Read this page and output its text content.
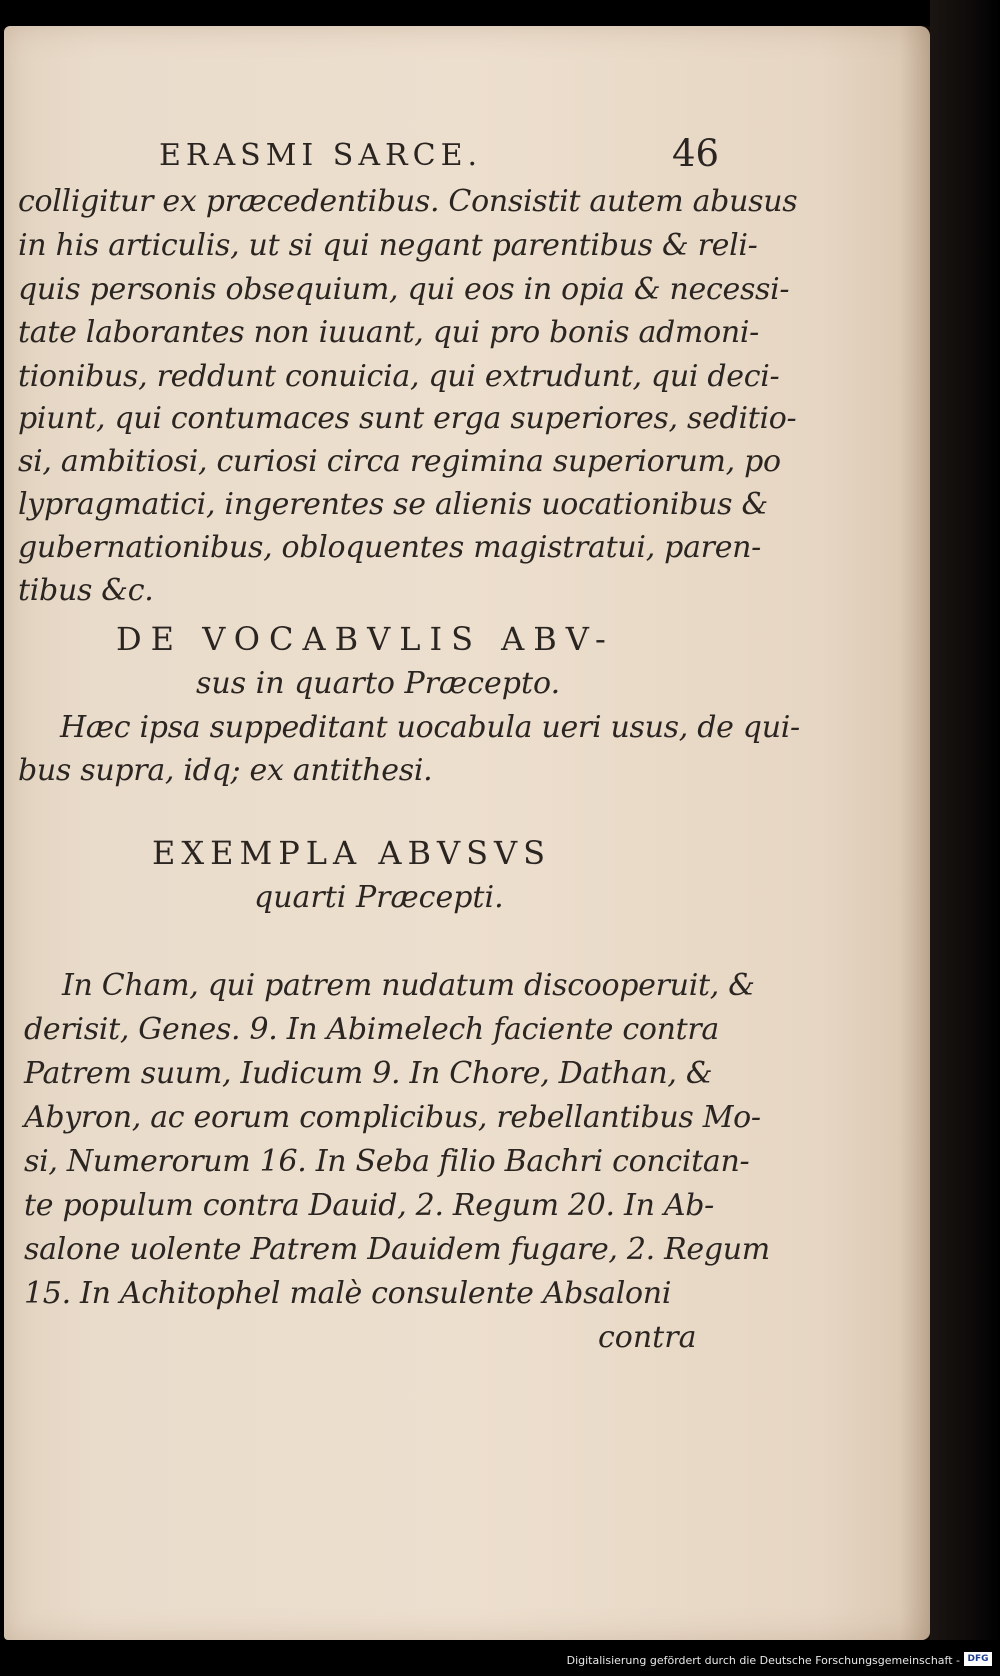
ERASMI SARCE.	46
colligitur ex præcedentibus. Consistit autem abusus
in his articulis, ut si qui negant parentibus & reli-
quis personis obsequium, qui eos in opia & necessi-
tate laborantes non iuuant, qui pro bonis admoni-
tionibus, reddunt conuicia, qui extrudunt, qui deci-
piunt, qui contumaces sunt erga superiores, seditio-
si, ambitiosi, curiosi circa regimina superiorum, po
lypragmatici, ingerentes se alienis uocationibus &
gubernationibus, obloquentes magistratui, paren-
tibus &c.
DE VOCABVLIS ABV-
sus in quarto Præcepto.
Hæc ipsa suppeditant uocabula ueri usus, de qui-
bus supra, idq; ex antithesi.
EXEMPLA ABVSVS
quarti Præcepti.
In Cham, qui patrem nudatum discooperuit, &
derisit, Genes. 9. In Abimelech faciente contra
Patrem suum, Iudicum 9. In Chore, Dathan, &
Abyron, ac eorum complicibus, rebellantibus Mo-
si, Numerorum 16. In Seba filio Bachri concitan-
te populum contra Dauid, 2. Regum 20. In Ab-
salone uolente Patrem Dauidem fugare, 2. Regum
15. In Achitophel malè consulente Absaloni
contra
Digitalisierung gefördert durch die Deutsche Forschungsgemeinschaft - DFG
